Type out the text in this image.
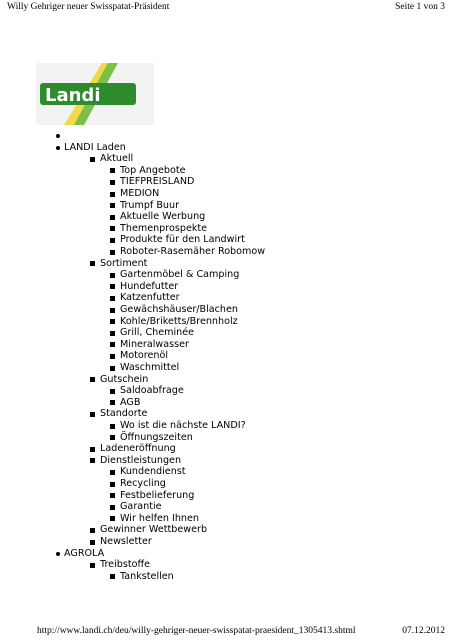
Willy Gehriger neuer Swisspatat-Präsident	Seite 1 von 3
Landi
LANDI Laden
Aktuell
Top Angebote
TIEFPREISLAND
MEDION
Trumpf Buur
Aktuelle Werbung
Themenprospekte
Produkte für den Landwirt
Roboter-Rasemäher Robomow
Sortiment
Gartenmöbel & Camping
Hundefutter
Katzenfutter
Gewächshäuser/Blachen
Kohle/Briketts/Brennholz
Grill, Cheminée
Mineralwasser
Motorenöl
Waschmittel
Gutschein
Saldoabfrage
AGB
Standorte
Wo ist die nächste LANDI?
Öffnungszeiten
Ladeneröffnung
Dienstleistungen
Kundendienst
Recycling
Festbelieferung
Garantie
Wir helfen Ihnen
Gewinner Wettbewerb
Newsletter
AGROLA
Treibstoffe
Tankstellen
http://www.landi.ch/deu/willy-gehriger-neuer-swisspatat-praesident_1305413.shtml	07.12.2012
